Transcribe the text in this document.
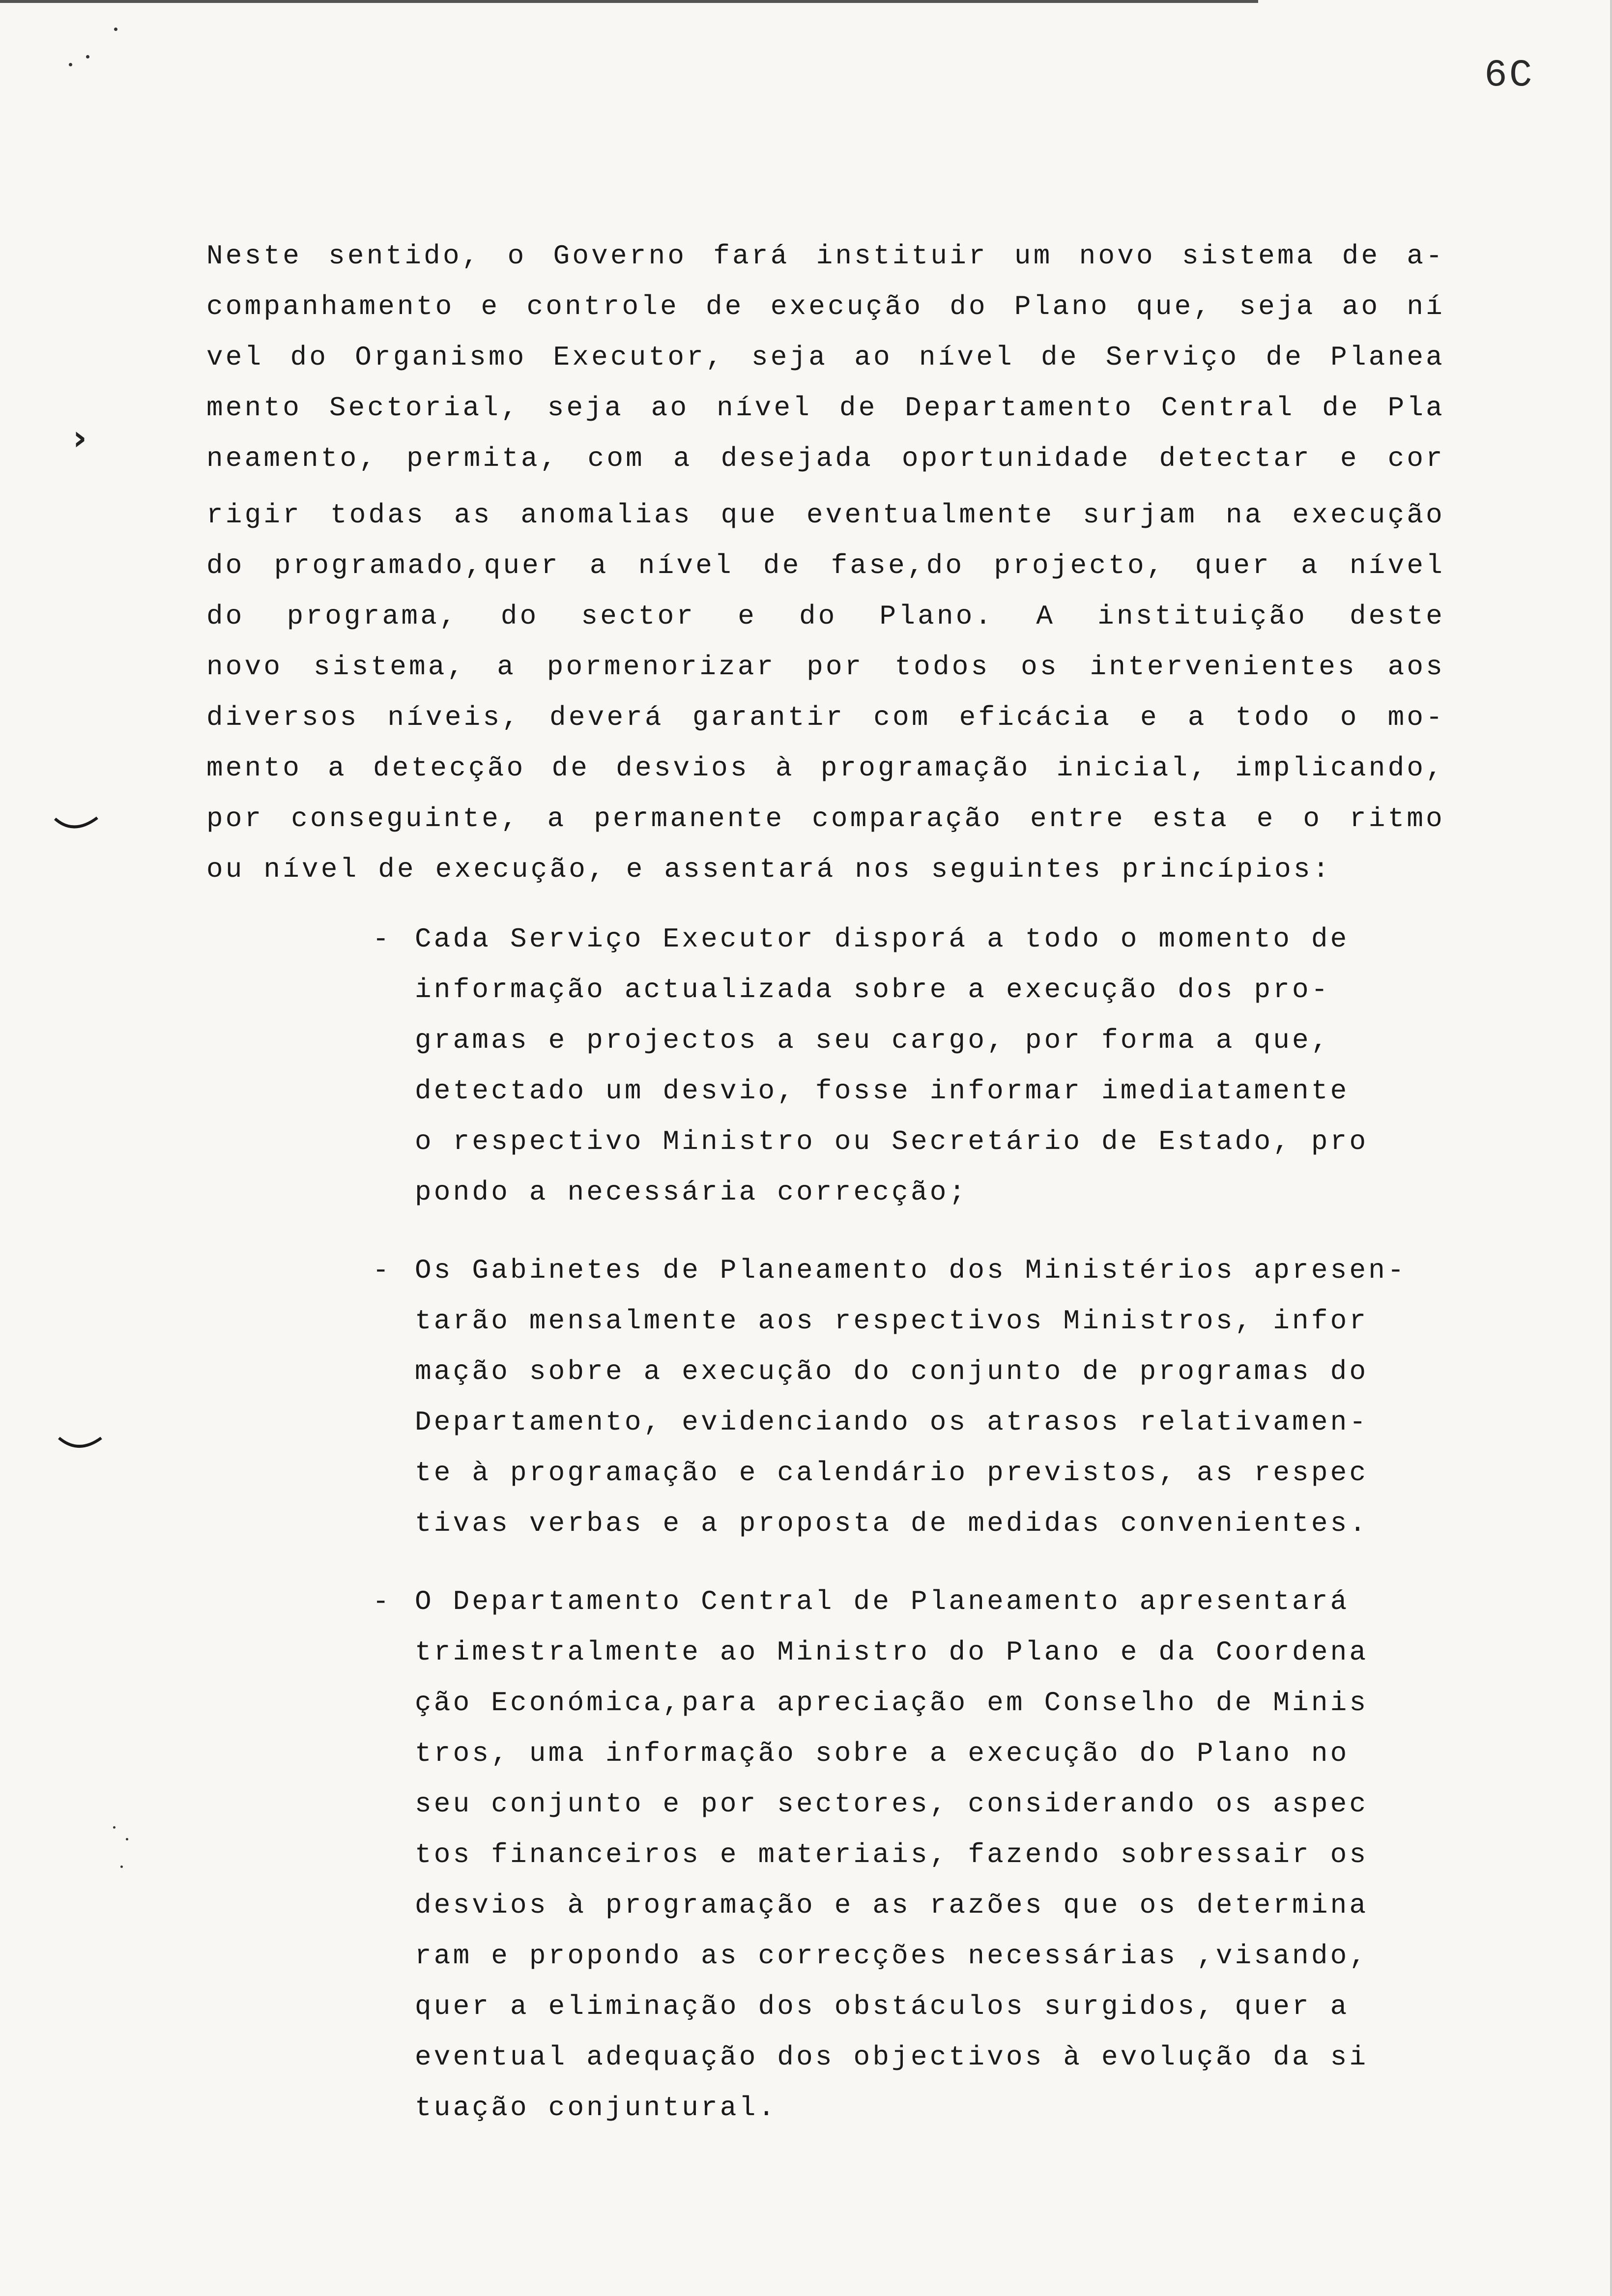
6C
›

Neste sentido, o Governo fará instituir um novo sistema de a-
companhamento e controle de execução do Plano que, seja ao ní
vel do Organismo Executor, seja ao nível de Serviço de Planea
mento Sectorial, seja ao nível de Departamento Central de Pla
neamento, permita, com a desejada oportunidade detectar e cor
rigir todas as anomalias que eventualmente surjam na execução
do programado,quer a nível de fase,do projecto, quer a nível
do programa, do sector e do Plano. A instituição deste
novo sistema, a pormenorizar por todos os intervenientes aos
diversos níveis, deverá garantir com eficácia e a todo o mo-
mento a detecção de desvios à programação inicial, implicando,
por conseguinte, a permanente comparação entre esta e o ritmo
ou nível de execução, e assentará nos seguintes princípios:

- Cada Serviço Executor disporá a todo o momento de
informação actualizada sobre a execução dos pro-
gramas e projectos a seu cargo, por forma a que,
detectado um desvio, fosse informar imediatamente
o respectivo Ministro ou Secretário de Estado, pro
pondo a necessária correcção;
- Os Gabinetes de Planeamento dos Ministérios apresen-
tarão mensalmente aos respectivos Ministros, infor
mação sobre a execução do conjunto de programas do
Departamento, evidenciando os atrasos relativamen-
te à programação e calendário previstos, as respec
tivas verbas e a proposta de medidas convenientes.
- O Departamento Central de Planeamento apresentará
trimestralmente ao Ministro do Plano e da Coordena
ção Económica,para apreciação em Conselho de Minis
tros, uma informação sobre a execução do Plano no
seu conjunto e por sectores, considerando os aspec
tos financeiros e materiais, fazendo sobressair os
desvios à programação e as razões que os determina
ram e propondo as correcções necessárias ,visando,
quer a eliminação dos obstáculos surgidos, quer a
eventual adequação dos objectivos à evolução da si
tuação conjuntural.
